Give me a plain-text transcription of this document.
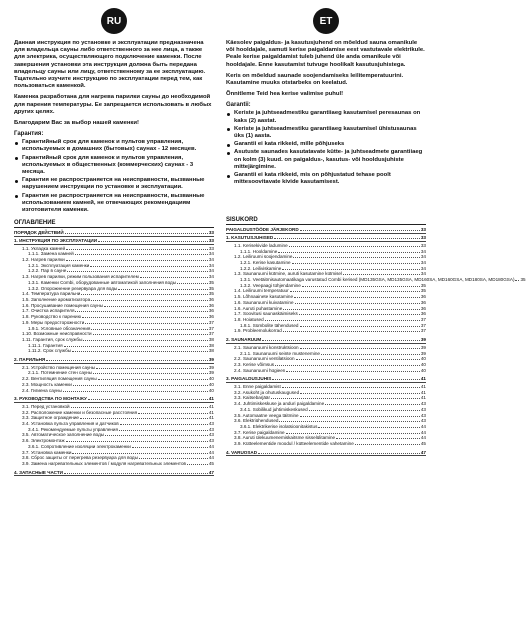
RU

Данная инструкция по установке и эксплуатации предназначена для владельца сауны либо ответственного за нее лица, а также для электрика, осуществляющего подключение каменки. После завершения установки эта инструкция должна быть передана владельцу сауны или лицу, ответственному за ее эксплуатацию. Тщательно изучите инструкцию по эксплуатации перед тем, как пользоваться каменкой.

Каменка разработана для нагрева парилки сауны до необходимой для парения температуры. Ее запрещается использовать в любых других целях.

Благодарим Вас за выбор нашей каменки!

Гарантия:
Гарантийный срок для каменок и пультов управления, используемых в домашних (бытовых) саунах - 12 месяцев.
Гарантийный срок для каменок и пультов управления, используемых в общественных (коммерческих) саунах - 3 месяца.
Гарантия не распространяется на неисправности, вызванные нарушением инструкции по установке и эксплуатации.
Гарантия не распространяется на неисправности, вызванные использованием камней, не отвечающих рекомендациям изготовителя каменки.
ОГЛАВЛЕНИЕ
ПОРЯДОК ДЕЙСТВИЙ	33
1. ИНСТРУКЦИЯ ПО ЭКСПЛУАТАЦИИ	33
1.1. Укладка камней	33
1.1.1. Замена камней	34
1.2. Нагрев парилки	34
1.2.1. Эксплуатация каменки	34
1.2.2. Пар в сауне	34
1.3. Нагрев парилки, режим пользования испарителем	34
1.3.1. Каменки Combi, оборудованные автоматикой заполнения воды	35
1.3.2. Опорожнение резервуара для воды	35
1.4. Температура парильни	35
1.5. Заполнение ароматизатора	36
1.6. Просушивание помещения сауны	36
1.7. Очистка испарителя	36
1.8. Руководство к парению	36
1.9. Меры предосторожности	37
1.9.1. Условные обозначения	37
1.10. Возможные неисправности	37
1.11. Гарантия, срок службы	38
1.11.1. Гарантия	38
1.11.2. Срок службы	38
2. ПАРИЛЬНЯ	39
2.1. Устройство помещения сауны	39
2.1.1. Потемнение стен сауны	39
2.2. Вентиляция помещения сауны	40
2.3. Мощность каменки	40
2.4. Гигиена сауны	40
3. РУКОВОДСТВА ПО МОНТАЖУ	41
3.1. Перед установкой	41
3.2. Расположение каменки и безопасные расстояния	41
3.3. Защитное ограждение	41
3.4. Установка пульта управления и датчиков	43
3.4.1. Рекомендуемые пульты управления	43
3.5. Автоматическое заполнение воды	43
3.6. Электромонтаж	43
3.6.1. Сопротивление изоляции электрокаменки	44
3.7. Установка каменки	44
3.8. Сброс защиты от перегрева резервуара для воды	44
3.9. Замена нагревательных элементов / модуля нагревательных элементов	45
4. ЗАПАСНЫЕ ЧАСТИ	47
ET

Käesolev paigaldus- ja kasutusjuhend on mõeldud sauna omanikule või hooldajale, samuti kerise paigaldamise eest vastutavale elektrikule. Peale kerise paigaldamist tuleb juhend üle anda omanikule või hooldajale. Enne kasutamist tutvuge hoolikalt kasutusjuhistega.

Keris on mõeldud saunade soojendamiseks leilitemperatuurini. Kasutamine muuks otstarbeks on keelatud.

Õnnitleme Teid hea kerise valimise puhul!

Garantii:
Keriste ja juhtseadmestiku garantiiaeg kasutamisel peresaunas on kaks (2) aastat.
Keriste ja juhtseadmestiku garantiiaeg kasutamisel ühistusaunas üks (1) aasta.
Garantii ei kata rikkeid, mille põhjuseks
Asutuste saunades kasutatavate kütte- ja juhtseadmete garantiiaeg on kolm (3) kuud. on paigaldus-, kasutus- või hooldusjuhiste mittejärgimine.
Garantii ei kata rikkeid, mis on põhjustatud tehase poolt mittesoovitavate kivide kasutamisest.
SISUKORD
PAIGALDUSTÖÖDE JÄRJEKORD	33
1. KASUTUSJUHISED	33
1.1. Kerisekivide ladumine	33
1.1.1. Hooldamine	34
1.2. Leiliruumi soojendamine	34
1.2.1. Kerise kasutamine	34
1.2.2. Leiliviskamine	34
1.3. Saunaruumi kütmine, auruti kasutamine kütmisel	34
1.3.1. Veetäitmisautomaatikaga varustatud Combi kerised (MD135GSA, MD135GSA, MD160SA, MD160GSA, MD180SA, MD180GSA) 35
1.3.2. Veepaagi tühjendamine	35
1.4. Leiliruumi temperatuur	35
1.5. Lõhnaainete kasutamine	36
1.6. Saunaruumi kuivatamine	36
1.6. Auruti puhastamine	36
1.7. Soovitusi saunaskäimiseks	36
1.8. Hoiatused	37
1.8.1. Sümbolite tähendused	37
1.9. Probleemolukorrad	37
2. SAUNARUUM	39
2.1. Saunaruumi konstruktsioon	39
2.1.1. Saunaruumi seinte mustenemine	39
2.2. Saunaruumi ventilatsioon	40
2.3. Kerise võimsus	40
2.4. Saunaruumi hügieen	40
3. PAIGALDUSJUHIS	41
3.1. Enne paigaldamist	41
3.2. Asukoht ja ohutuskaugused	41
3.3. Kaitsebarjäär	41
3.4. Juhtimiskeskuse ja anduri paigaldamine	43
3.4.1. Sobilikud juhtimiskeskused	43
3.5. Automaatne veega täitmine	43
3.6. Elektriühendused	43
3.6.1. Elektrikerise isolatsioonitakistus	44
3.7. Kerise paigaldamine	44
3.8. Auruti ülekuumenemiskaitsme sisselülitamine	44
3.9. Küttеelementide moodul / küttеelementide vahetamine	45
4. VARUOSAD	47
